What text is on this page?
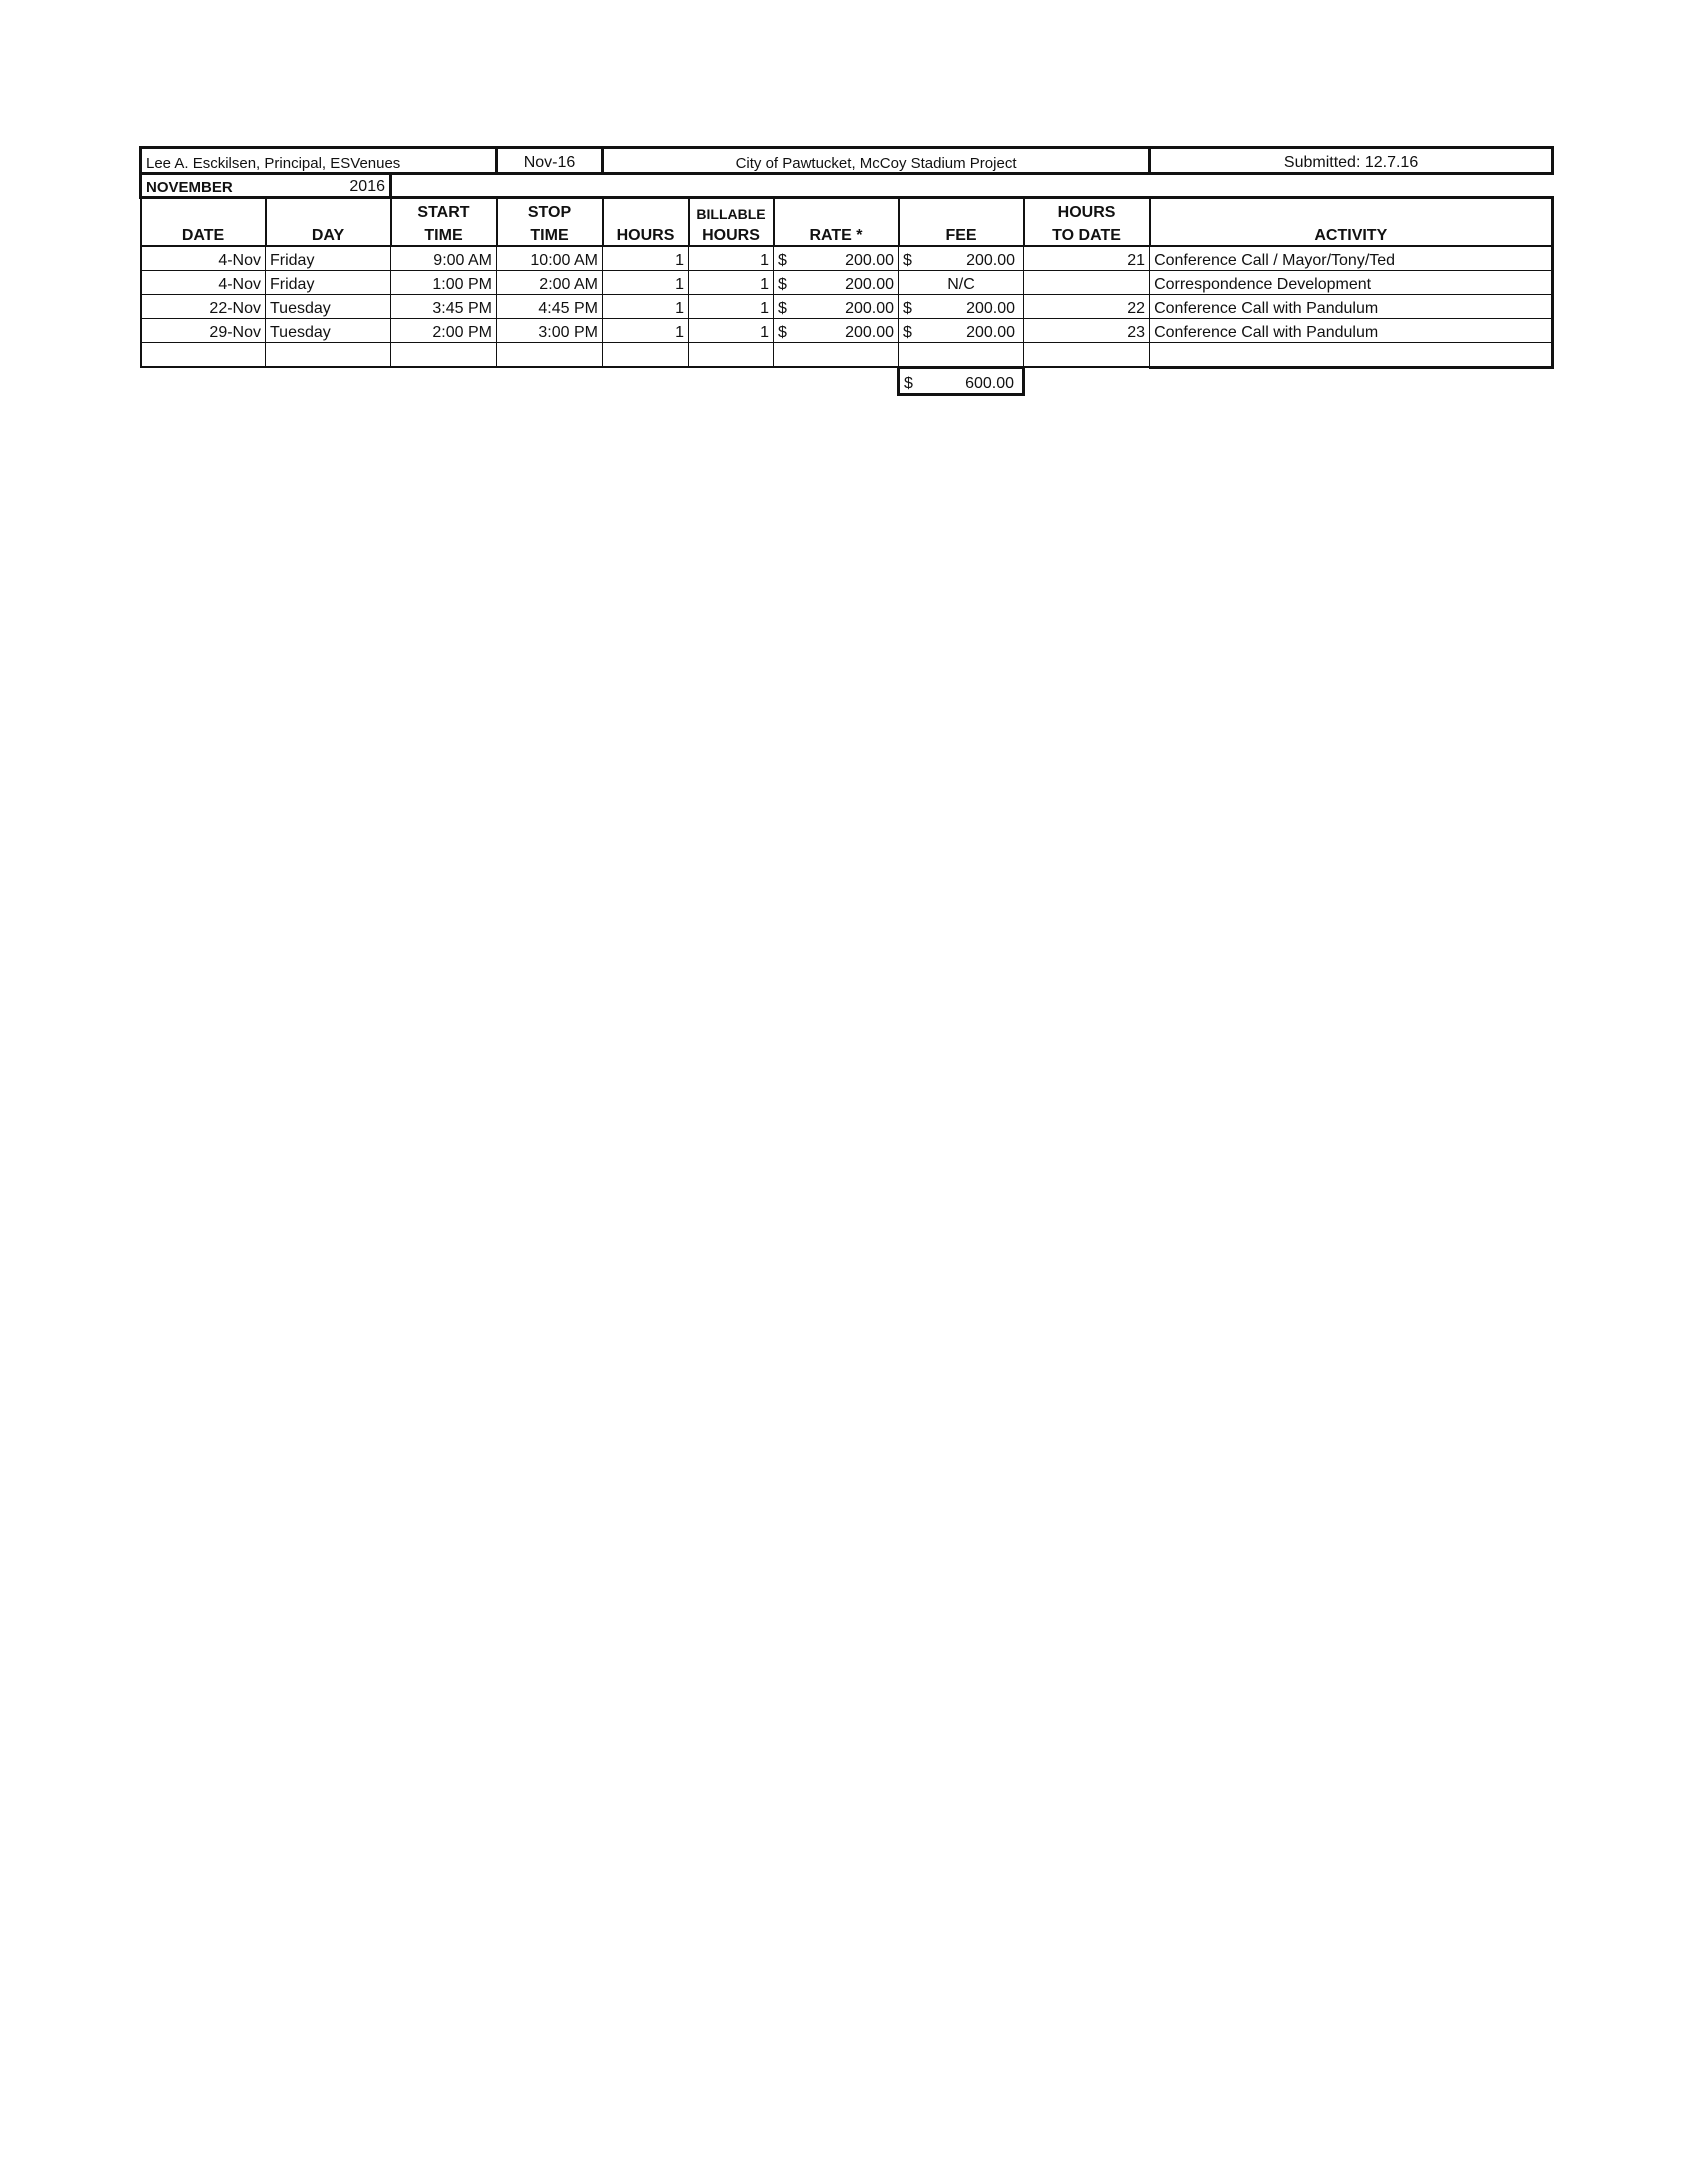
Lee A. Esckilsen, Principal, ESVenues			Nov-16	City of Pawtucket, McCoy Stadium Project					Submitted: 12.7.16
NOVEMBER	2016								
		START	STOP		BILLABLE			HOURS	
DATE	DAY	TIME	TIME	HOURS	HOURS	RATE *	FEE	TO DATE	ACTIVITY
4-Nov	Friday	9:00 AM	10:00 AM	1	1	$ 200.00	$ 200.00	21	Conference Call / Mayor/Tony/Ted
4-Nov	Friday	1:00 PM	2:00 AM	1	1	$ 200.00	N/C		Correspondence Development
22-Nov	Tuesday	3:45 PM	4:45 PM	1	1	$ 200.00	$ 200.00	22	Conference Call with Pandulum
29-Nov	Tuesday	2:00 PM	3:00 PM	1	1	$ 200.00	$ 200.00	23	Conference Call with Pandulum

							$ 600.00		
